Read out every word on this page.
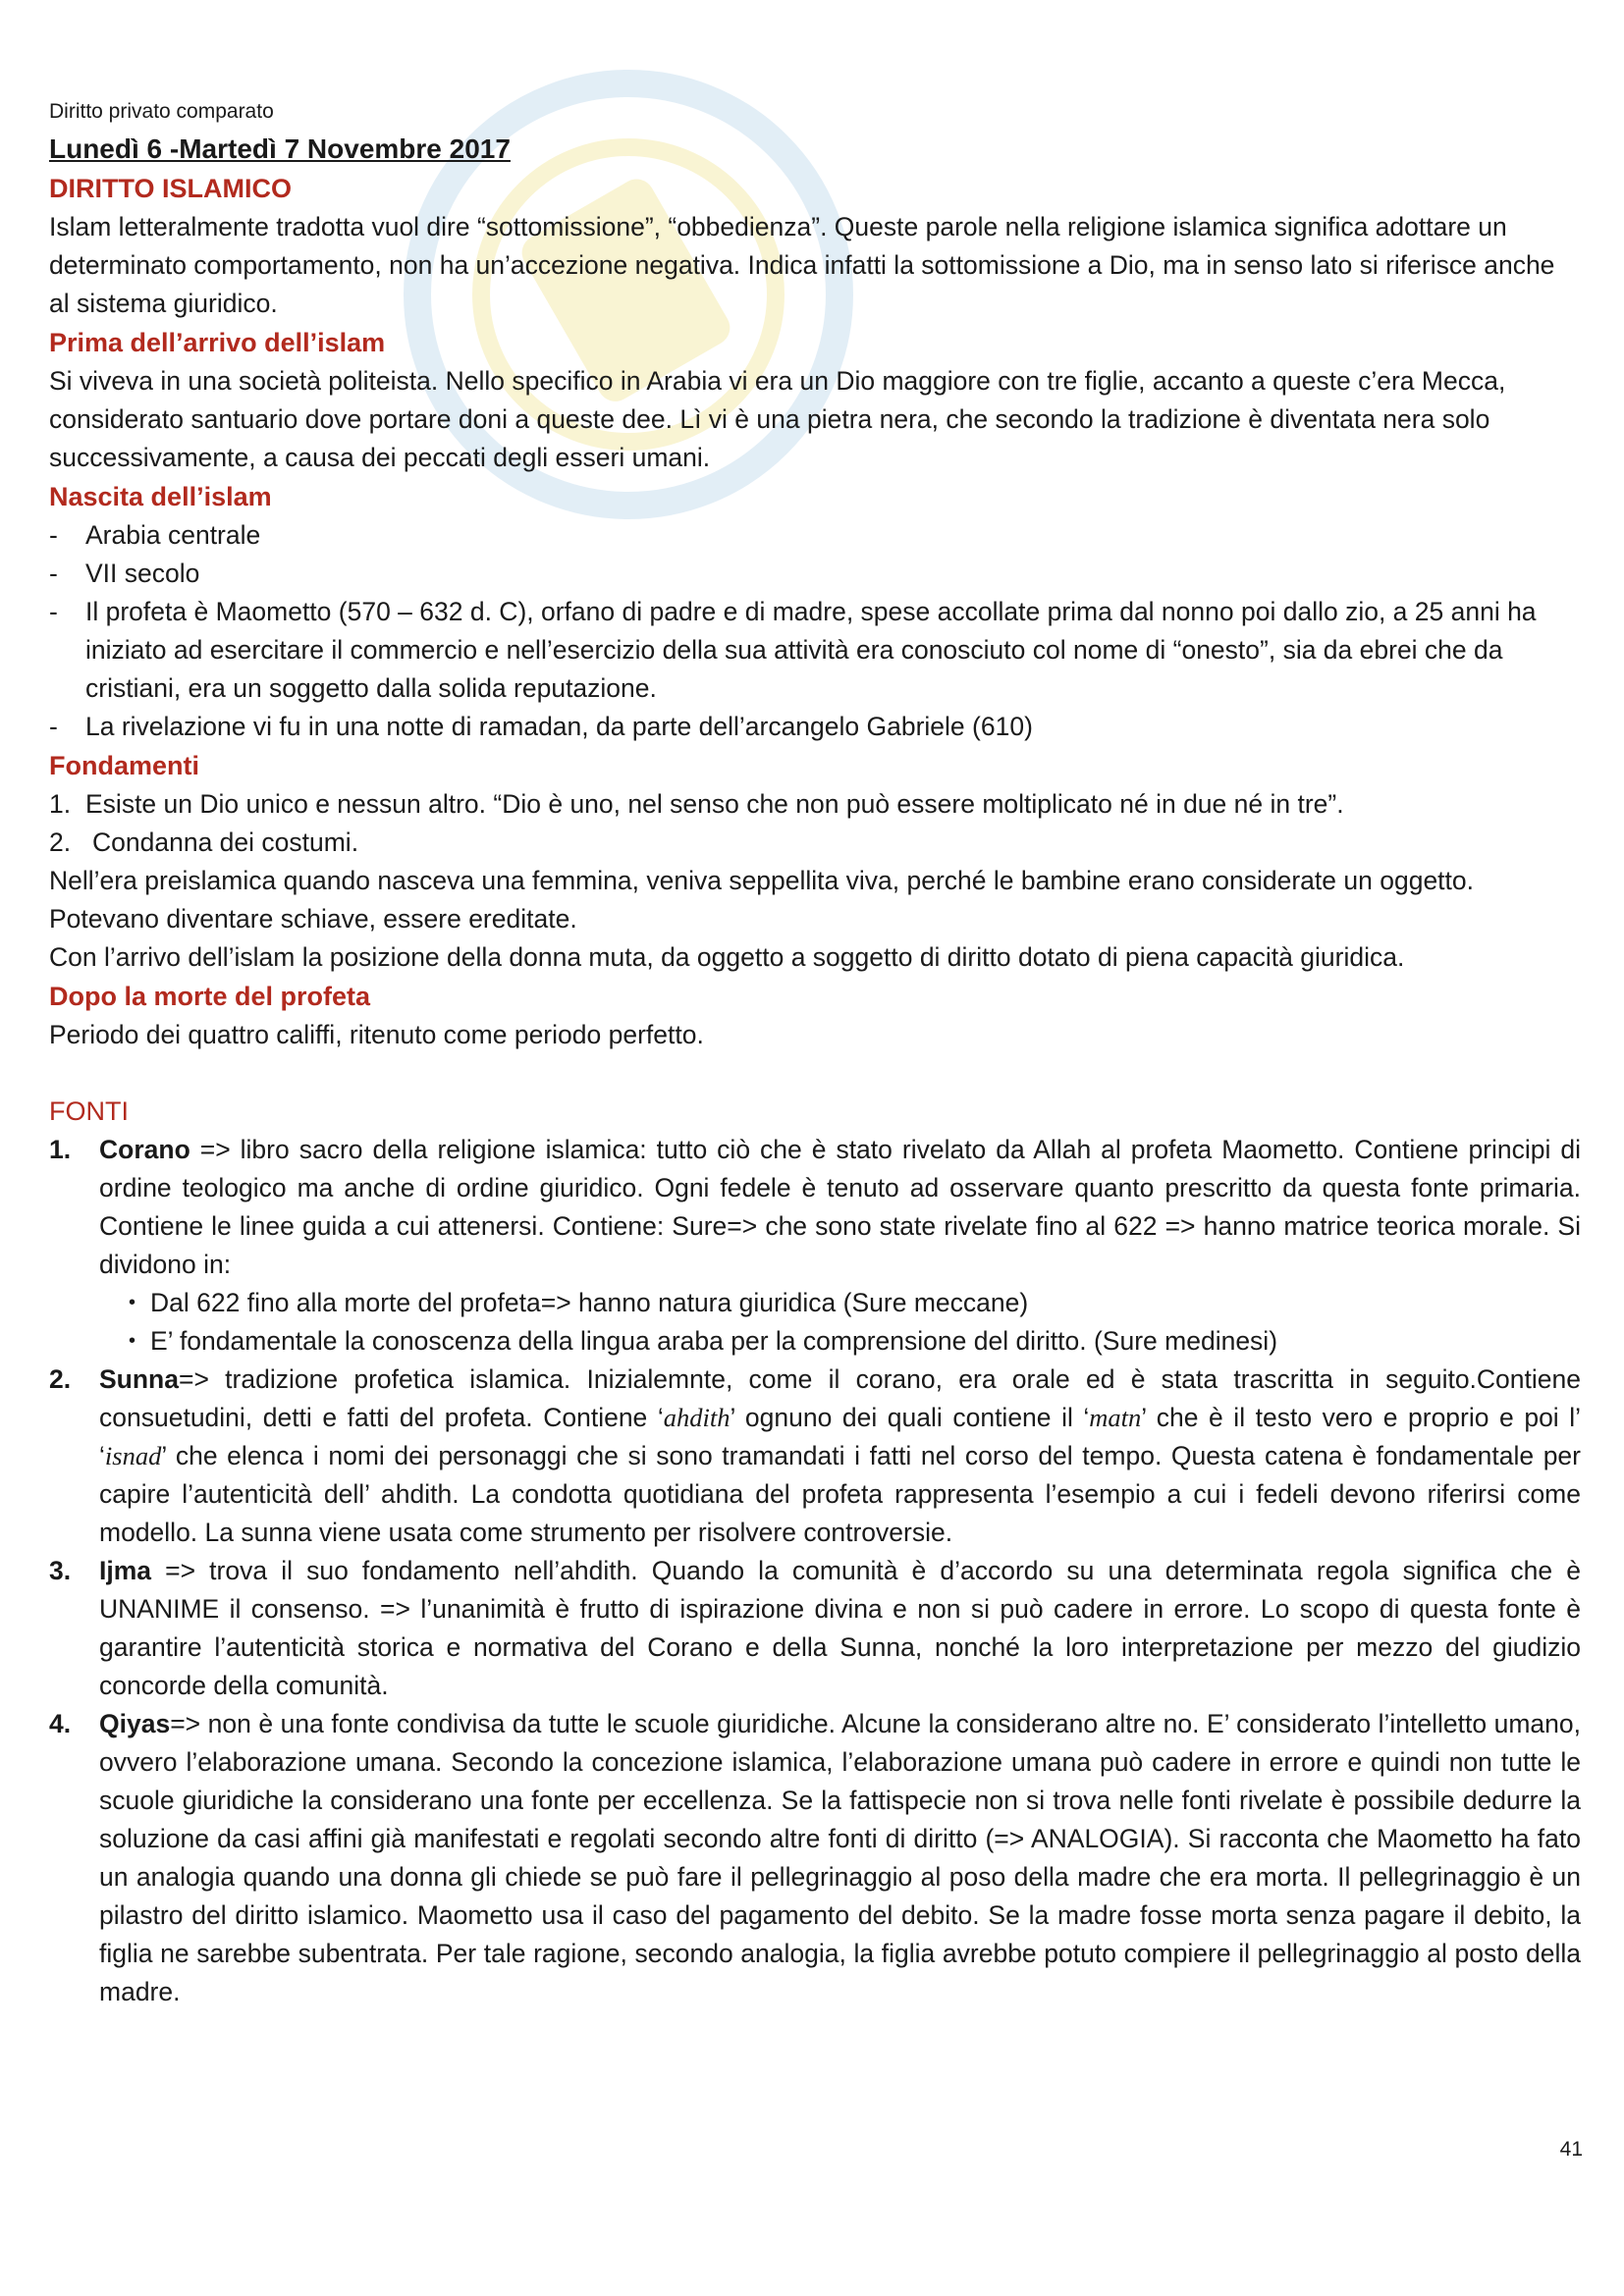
Diritto privato comparato
Lunedì 6 -Martedì 7 Novembre 2017
DIRITTO ISLAMICO

Islam letteralmente tradotta vuol dire “sottomissione”, “obbedienza”. Queste parole nella religione islamica significa adottare un determinato comportamento, non ha un’accezione negativa. Indica infatti la sottomissione a Dio, ma in senso lato si riferisce anche al sistema giuridico.

Prima dell’arrivo dell’islam

Si viveva in una società politeista. Nello specifico in Arabia vi era un Dio maggiore con tre figlie, accanto a queste c’era Mecca, considerato santuario dove portare doni a queste dee. Lì vi è una pietra nera, che secondo la tradizione è diventata nera solo successivamente, a causa dei peccati degli esseri umani.

Nascita dell’islam
- Arabia centrale
- VII secolo
- Il profeta è Maometto (570 – 632 d. C), orfano di padre e di madre, spese accollate prima dal nonno poi dallo zio, a 25 anni ha iniziato ad esercitare il commercio e nell’esercizio della sua attività era conosciuto col nome di “onesto”, sia da ebrei che da cristiani, era un soggetto dalla solida reputazione.
- La rivelazione vi fu in una notte di ramadan, da parte dell’arcangelo Gabriele (610)
Fondamenti
1. Esiste un Dio unico e nessun altro. “Dio è uno, nel senso che non può essere moltiplicato né in due né in tre”.
2. Condanna dei costumi.

Nell’era preislamica quando nasceva una femmina, veniva seppellita viva, perché le bambine erano considerate un oggetto. Potevano diventare schiave, essere ereditate.

Con l’arrivo dell’islam la posizione della donna muta, da oggetto a soggetto di diritto dotato di piena capacità giuridica.

Dopo la morte del profeta

Periodo dei quattro califfi, ritenuto come periodo perfetto.

FONTI
1. Corano => libro sacro della religione islamica: tutto ciò che è stato rivelato da Allah al profeta Maometto. Contiene principi di ordine teologico ma anche di ordine giuridico. Ogni fedele è tenuto ad osservare quanto prescritto da questa fonte primaria. Contiene le linee guida a cui attenersi. Contiene: Sure=> che sono state rivelate fino al 622 => hanno matrice teorica morale. Si dividono in:
• Dal 622 fino alla morte del profeta=> hanno natura giuridica (Sure meccane)
• E’ fondamentale la conoscenza della lingua araba per la comprensione del diritto. (Sure medinesi)
2. Sunna=> tradizione profetica islamica. Inizialemnte, come il corano, era orale ed è stata trascritta in seguito.Contiene consuetudini, detti e fatti del profeta. Contiene ‘ahdith’ ognuno dei quali contiene il ‘matn’ che è il testo vero e proprio e poi l’ ‘isnad’ che elenca i nomi dei personaggi che si sono tramandati i fatti nel corso del tempo. Questa catena è fondamentale per capire l’autenticità dell’ ahdith. La condotta quotidiana del profeta rappresenta l’esempio a cui i fedeli devono riferirsi come modello. La sunna viene usata come strumento per risolvere controversie.
3. Ijma => trova il suo fondamento nell’ahdith. Quando la comunità è d’accordo su una determinata regola significa che è UNANIME il consenso. => l’unanimità è frutto di ispirazione divina e non si può cadere in errore. Lo scopo di questa fonte è garantire l’autenticità storica e normativa del Corano e della Sunna, nonché la loro interpretazione per mezzo del giudizio concorde della comunità.
4. Qiyas=> non è una fonte condivisa da tutte le scuole giuridiche. Alcune la considerano altre no. E’ considerato l’intelletto umano, ovvero l’elaborazione umana. Secondo la concezione islamica, l’elaborazione umana può cadere in errore e quindi non tutte le scuole giuridiche la considerano una fonte per eccellenza. Se la fattispecie non si trova nelle fonti rivelate è possibile dedurre la soluzione da casi affini già manifestati e regolati secondo altre fonti di diritto (=> ANALOGIA). Si racconta che Maometto ha fato un analogia quando una donna gli chiede se può fare il pellegrinaggio al poso della madre che era morta. Il pellegrinaggio è un pilastro del diritto islamico. Maometto usa il caso del pagamento del debito. Se la madre fosse morta senza pagare il debito, la figlia ne sarebbe subentrata. Per tale ragione, secondo analogia, la figlia avrebbe potuto compiere il pellegrinaggio al posto della madre.
41
